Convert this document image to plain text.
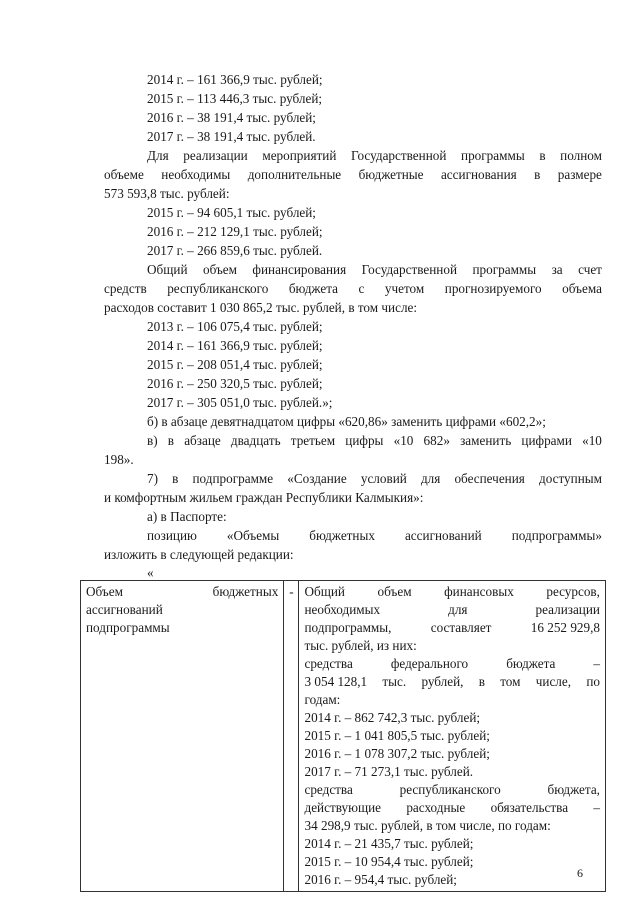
2014 г. – 161 366,9 тыс. рублей;
2015 г. – 113 446,3 тыс. рублей;
2016 г. – 38 191,4 тыс. рублей;
2017 г. – 38 191,4 тыс. рублей.
Для реализации мероприятий Государственной программы в полном
объеме необходимы дополнительные бюджетные ассигнования в размере
573 593,8 тыс. рублей:
2015 г. – 94 605,1 тыс. рублей;
2016 г. – 212 129,1 тыс. рублей;
2017 г. – 266 859,6 тыс. рублей.
Общий объем финансирования Государственной программы за счет
средств республиканского бюджета с учетом прогнозируемого объема
расходов составит 1 030 865,2 тыс. рублей, в том числе:
2013 г. – 106 075,4 тыс. рублей;
2014 г. – 161 366,9 тыс. рублей;
2015 г. – 208 051,4 тыс. рублей;
2016 г. – 250 320,5 тыс. рублей;
2017 г. – 305 051,0 тыс. рублей.»;
б) в абзаце девятнадцатом цифры «620,86» заменить цифрами «602,2»;
в) в абзаце двадцать третьем цифры «10 682» заменить цифрами «10
198».
7) в подпрограмме «Создание условий для обеспечения доступным
и комфортным жильем граждан Республики Калмыкия»:
а) в Паспорте:
позицию «Объемы бюджетных ассигнований подпрограммы»
изложить в следующей редакции:
«
Объем	бюджетных
ассигнований
подпрограммы
	-	Общий объем финансовых ресурсов,
необходимых	для	реализации
подпрограммы,	составляет	16 252 929,8
тыс. рублей, из них:
средства	федерального	бюджета	–
3 054 128,1 тыс. рублей, в том числе, по
годам:
2014 г. – 862 742,3 тыс. рублей;
2015 г. – 1 041 805,5 тыс. рублей;
2016 г. – 1 078 307,2 тыс. рублей;
2017 г. – 71 273,1 тыс. рублей.
средства	республиканского	бюджета,
действующие расходные обязательства –
34 298,9 тыс. рублей, в том числе, по годам:
2014 г. – 21 435,7 тыс. рублей;
2015 г. – 10 954,4 тыс. рублей;
2016 г. – 954,4 тыс. рублей;	6
